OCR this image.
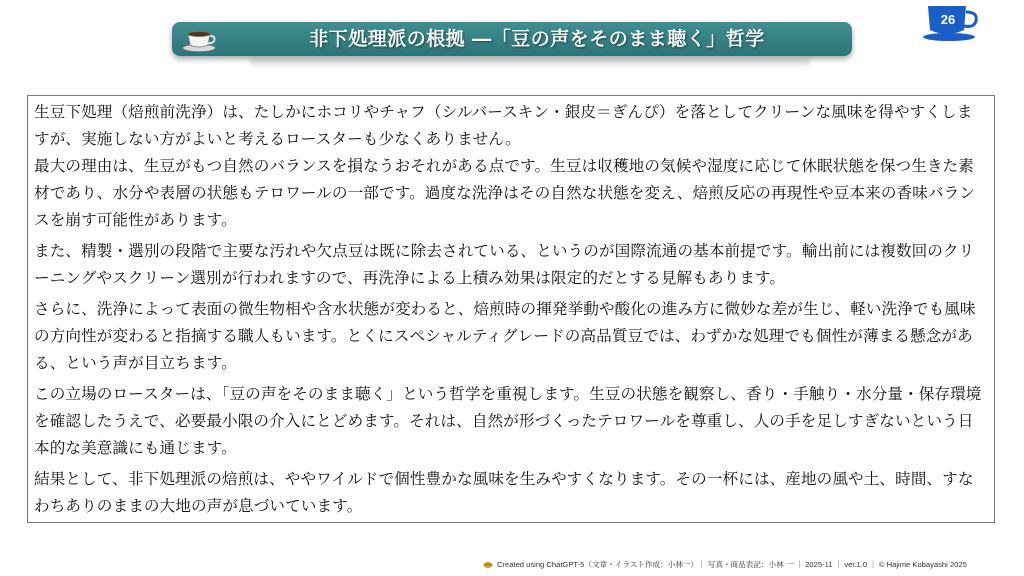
非下処理派の根拠 ―「豆の声をそのまま聴く」哲学
26

生豆下処理（焙煎前洗浄）は、たしかにホコリやチャフ（シルバースキン・銀皮＝ぎんぴ）を落としてクリーンな風味を得やすくしますが、実施しない方がよいと考えるロースターも少なくありません。

最大の理由は、生豆がもつ自然のバランスを損なうおそれがある点です。生豆は収穫地の気候や湿度に応じて休眠状態を保つ生きた素材であり、水分や表層の状態もテロワールの一部です。過度な洗浄はその自然な状態を変え、焙煎反応の再現性や豆本来の香味バランスを崩す可能性があります。

また、精製・選別の段階で主要な汚れや欠点豆は既に除去されている、というのが国際流通の基本前提です。輸出前には複数回のクリーニングやスクリーン選別が行われますので、再洗浄による上積み効果は限定的だとする見解もあります。

さらに、洗浄によって表面の微生物相や含水状態が変わると、焙煎時の揮発挙動や酸化の進み方に微妙な差が生じ、軽い洗浄でも風味の方向性が変わると指摘する職人もいます。とくにスペシャルティグレードの高品質豆では、わずかな処理でも個性が薄まる懸念がある、という声が目立ちます。

この立場のロースターは、「豆の声をそのまま聴く」という哲学を重視します。生豆の状態を観察し、香り・手触り・水分量・保存環境を確認したうえで、必要最小限の介入にとどめます。それは、自然が形づくったテロワールを尊重し、人の手を足しすぎないという日本的な美意識にも通じます。

結果として、非下処理派の焙煎は、ややワイルドで個性豊かな風味を生みやすくなります。その一杯には、産地の風や土、時間、すなわちありのままの大地の声が息づいています。

Created using ChatGPT-5（文章・イラスト作成：小林一）｜ 写真・商品表記：小林 一 ｜ 2025-11 ｜ ver.1.0 ｜ © Hajime Kobayashi 2025
